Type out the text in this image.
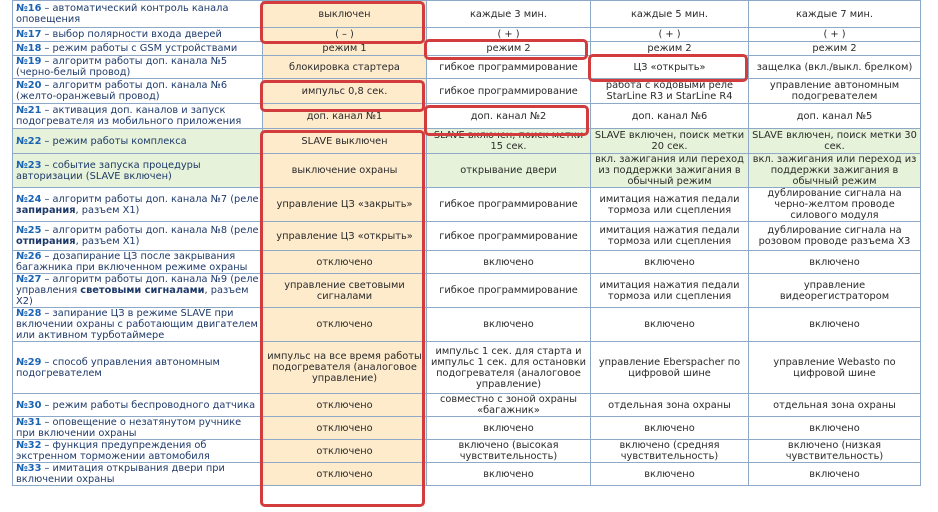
№16 – автоматический контроль канала оповещения	выключен	каждые 3 мин.	каждые 5 мин.	каждые 7 мин.
№17 – выбор полярности входа дверей	( – )	( + )	( + )	( + )
№18 – режим работы с GSM устройствами	режим 1	режим 2	режим 2	режим 2
№19 – алгоритм работы доп. канала №5 (черно-белый провод)	блокировка стартера	гибкое программирование	ЦЗ «открыть»	защелка (вкл./выкл. брелком)
№20 – алгоритм работы доп. канала №6 (желто-оранжевый провод)	импульс 0,8 сек.	гибкое программирование	работа с кодовыми реле StarLine R3 и StarLine R4	управление автономным подогревателем
№21 – активация доп. каналов и запуск подогревателя из мобильного приложения	доп. канал №1	доп. канал №2	доп. канал №6	доп. канал №5
№22 – режим работы комплекса	SLAVE выключен	SLAVE включен, поиск метки 15 сек.	SLAVE включен, поиск метки 20 сек.	SLAVE включен, поиск метки 30 сек.
№23 – событие запуска процедуры авторизации (SLAVE включен)	выключение охраны	открывание двери	вкл. зажигания или переход из поддержки зажигания в обычный режим	вкл. зажигания или переход из поддержки зажигания в обычный режим
№24 – алгоритм работы доп. канала №7 (реле запирания, разъем X1)	управление ЦЗ «закрыть»	гибкое программирование	имитация нажатия педали тормоза или сцепления	дублирование сигнала на черно-желтом проводе силового модуля
№25 – алгоритм работы доп. канала №8 (реле отпирания, разъем X1)	управление ЦЗ «открыть»	гибкое программирование	имитация нажатия педали тормоза или сцепления	дублирование сигнала на розовом проводе разъема X3
№26 – дозапирание ЦЗ после закрывания багажника при включенном режиме охраны	отключено	включено	включено	включено
№27 – алгоритм работы доп. канала №9 (реле управления световыми сигналами, разъем X2)	управление световыми сигналами	гибкое программирование	имитация нажатия педали тормоза или сцепления	управление видеорегистратором
№28 – запирание ЦЗ в режиме SLAVE при включении охраны с работающим двигателем или активном турботаймере	отключено	включено	включено	включено
№29 – способ управления автономным подогревателем	импульс на все время работы подогревателя (аналоговое управление)	импульс 1 сек. для старта и импульс 1 сек. для остановки подогревателя (аналоговое управление)	управление Eberspacher по цифровой шине	управление Webasto по цифровой шине
№30 – режим работы беспроводного датчика	отключено	совместно с зоной охраны «багажник»	отдельная зона охраны	отдельная зона охраны
№31 – оповещение о незатянутом ручнике при включении охраны	отключено	включено	включено	включено
№32 – функция предупреждения об экстренном торможении автомобиля	отключено	включено (высокая чувствительность)	включено (средняя чувствительность)	включено (низкая чувствительность)
№33 – имитация открывания двери при включении охраны	отключено	включено	включено	включено
